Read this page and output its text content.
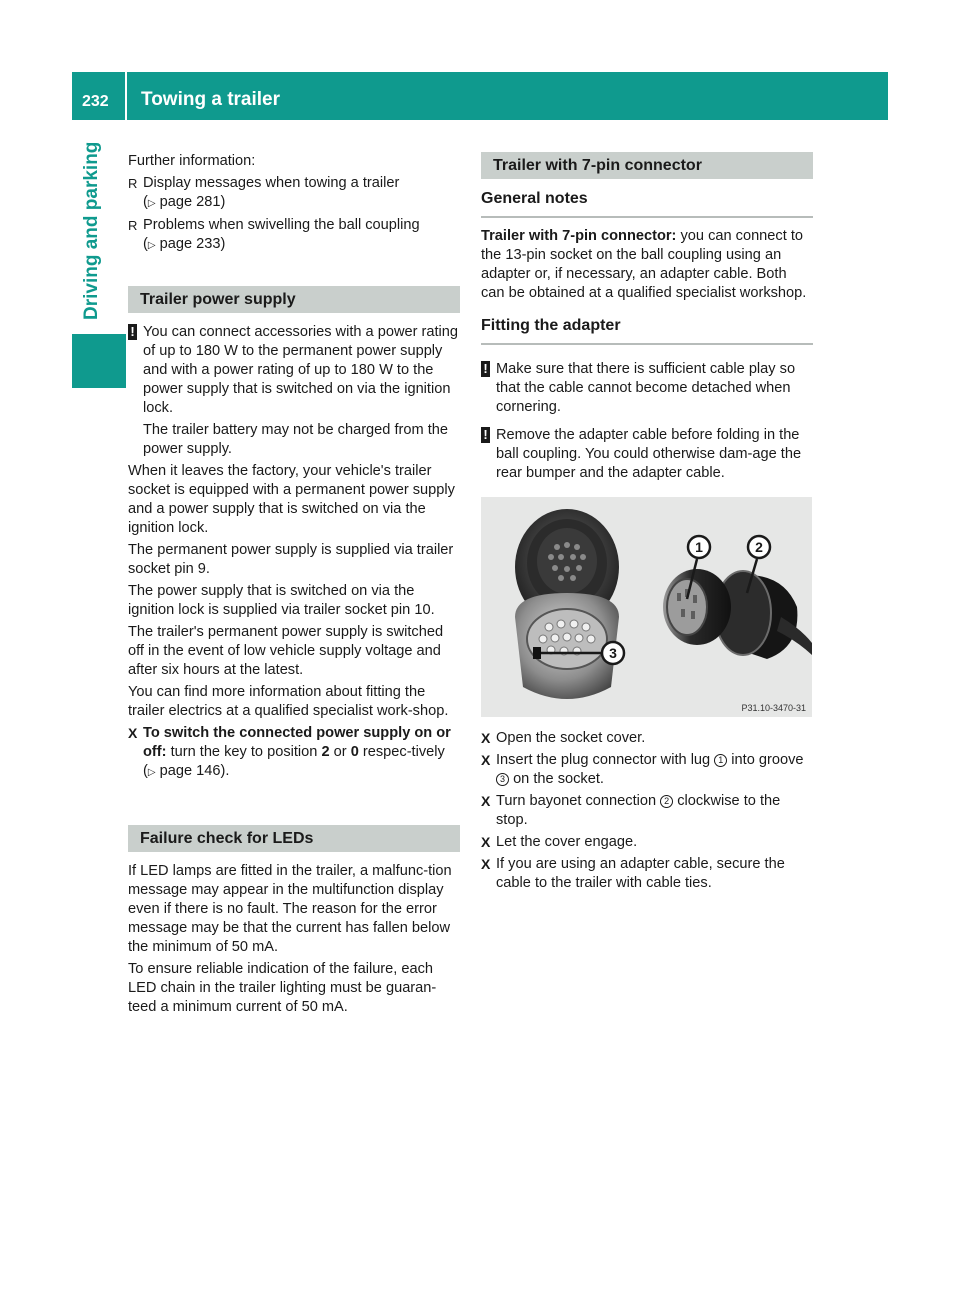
232 Towing a trailer
Driving and parking Further information:

R Display messages when towing a trailer
(▷ page 281)
R Problems when swivelling the ball coupling
(▷ page 233)
Trailer power supply
! You can connect accessories with a power rating of up to 180 W to the permanent power supply and with a power rating of up to 180 W to the power supply that is switched on via the ignition lock.
The trailer battery may not be charged from the power supply.

When it leaves the factory, your vehicle's trailer socket is equipped with a permanent power supply and a power supply that is switched on via the ignition lock.

The permanent power supply is supplied via trailer socket pin 9.

The power supply that is switched on via the ignition lock is supplied via trailer socket pin 10.

The trailer's permanent power supply is switched off in the event of low vehicle supply voltage and after six hours at the latest.

You can find more information about fitting the trailer electrics at a qualified specialist work-shop.

X To switch the connected power supply on or off: turn the key to position 2 or 0 respec-tively (▷ page 146).
Failure check for LEDs

If LED lamps are fitted in the trailer, a malfunc-tion message may appear in the multifunction display even if there is no fault. The reason for the error message may be that the current has fallen below the minimum of 50 mA.

To ensure reliable indication of the failure, each LED chain in the trailer lighting must be guaran-teed a minimum current of 50 mA.

Trailer with 7-pin connector
General notes

Trailer with 7-pin connector: you can connect to the 13-pin socket on the ball coupling using an adapter or, if necessary, an adapter cable. Both can be obtained at a qualified specialist workshop.

Fitting the adapter
! Make sure that there is sufficient cable play so that the cable cannot become detached when cornering.
! Remove the adapter cable before folding in the ball coupling. You could otherwise dam-age the rear bumper and the adapter cable.
1	2
3
P31.10-3470-31
X Open the socket cover.
X Insert the plug connector with lug 1 into groove 3 on the socket.
X Turn bayonet connection 2 clockwise to the stop.
X Let the cover engage.
X If you are using an adapter cable, secure the cable to the trailer with cable ties.
